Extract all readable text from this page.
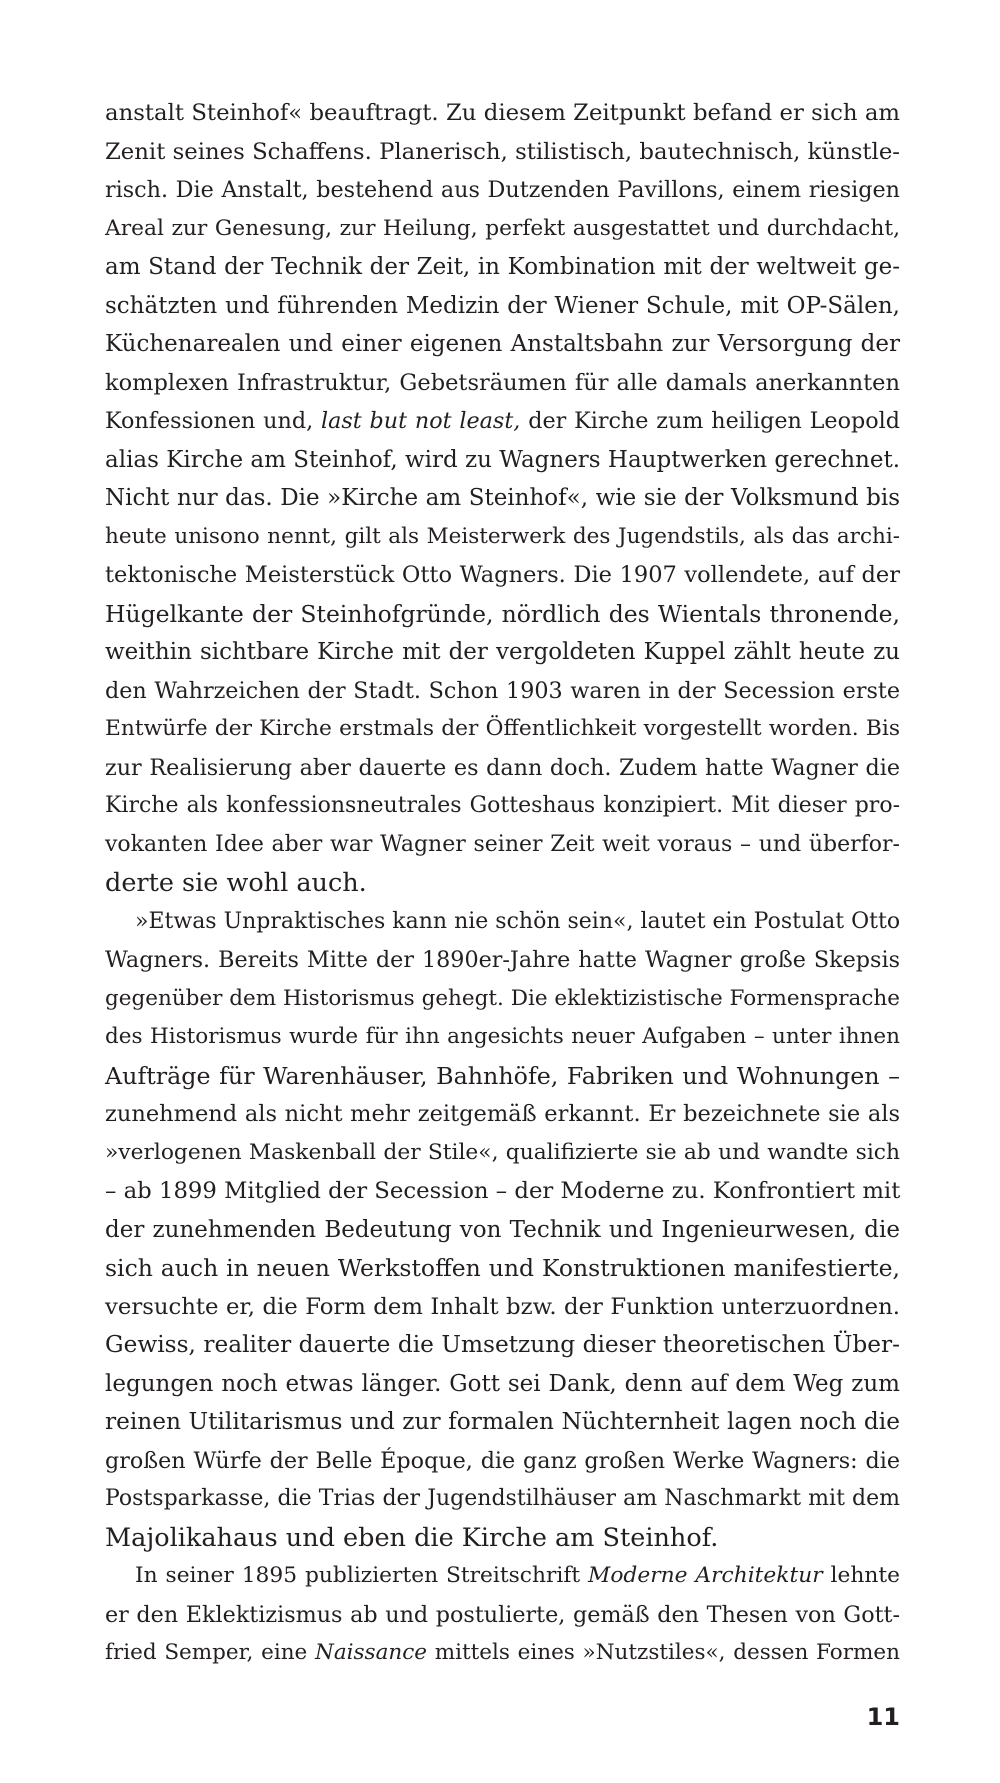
anstalt Steinhof« beauftragt. Zu diesem Zeitpunkt befand er sich am
Zenit seines Schaffens. Planerisch, stilistisch, bautechnisch, künstle-
risch. Die Anstalt, bestehend aus Dutzenden Pavillons, einem riesigen
Areal zur Genesung, zur Heilung, perfekt ausgestattet und durchdacht,
am Stand der Technik der Zeit, in Kombination mit der weltweit ge-
schätzten und führenden Medizin der Wiener Schule, mit OP-Sälen,
Küchenarealen und einer eigenen Anstaltsbahn zur Versorgung der
komplexen Infrastruktur, Gebetsräumen für alle damals anerkannten
Konfessionen und, last but not least, der Kirche zum heiligen Leopold
alias Kirche am Steinhof, wird zu Wagners Hauptwerken gerechnet.
Nicht nur das. Die »Kirche am Steinhof«, wie sie der Volksmund bis
heute unisono nennt, gilt als Meisterwerk des Jugendstils, als das archi-
tektonische Meisterstück Otto Wagners. Die 1907 vollendete, auf der
Hügelkante der Steinhofgründe, nördlich des Wientals thronende,
weithin sichtbare Kirche mit der vergoldeten Kuppel zählt heute zu
den Wahrzeichen der Stadt. Schon 1903 waren in der Secession erste
Entwürfe der Kirche erstmals der Öffentlichkeit vorgestellt worden. Bis
zur Realisierung aber dauerte es dann doch. Zudem hatte Wagner die
Kirche als konfessionsneutrales Gotteshaus konzipiert. Mit dieser pro-
vokanten Idee aber war Wagner seiner Zeit weit voraus – und überfor-
derte sie wohl auch.
»Etwas Unpraktisches kann nie schön sein«, lautet ein Postulat Otto
Wagners. Bereits Mitte der 1890er-Jahre hatte Wagner große Skepsis
gegenüber dem Historismus gehegt. Die eklektizistische Formensprache
des Historismus wurde für ihn angesichts neuer Aufgaben – unter ihnen
Aufträge für Warenhäuser, Bahnhöfe, Fabriken und Wohnungen –
zunehmend als nicht mehr zeitgemäß erkannt. Er bezeichnete sie als
»verlogenen Maskenball der Stile«, qualifizierte sie ab und wandte sich
– ab 1899 Mitglied der Secession – der Moderne zu. Konfrontiert mit
der zunehmenden Bedeutung von Technik und Ingenieurwesen, die
sich auch in neuen Werkstoffen und Konstruktionen manifestierte,
versuchte er, die Form dem Inhalt bzw. der Funktion unterzuordnen.
Gewiss, realiter dauerte die Umsetzung dieser theoretischen Über-
legungen noch etwas länger. Gott sei Dank, denn auf dem Weg zum
reinen Utilitarismus und zur formalen Nüchternheit lagen noch die
großen Würfe der Belle Époque, die ganz großen Werke Wagners: die
Postsparkasse, die Trias der Jugendstilhäuser am Naschmarkt mit dem
Majolikahaus und eben die Kirche am Steinhof.
In seiner 1895 publizierten Streitschrift Moderne Architektur lehnte
er den Eklektizismus ab und postulierte, gemäß den Thesen von Gott-
fried Semper, eine Naissance mittels eines »Nutzstiles«, dessen Formen
11
